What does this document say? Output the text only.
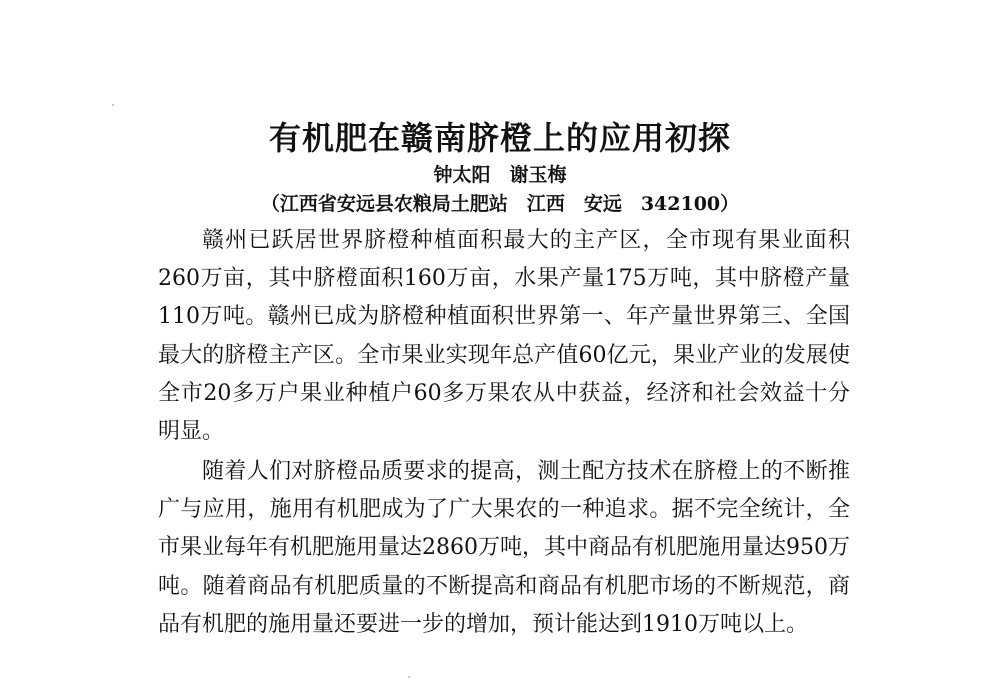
有机肥在赣南脐橙上的应用初探
钟太阳　谢玉梅
（江西省安远县农粮局土肥站　江西　安远　342100）

赣州已跃居世界脐橙种植面积最大的主产区，全市现有果业面积260万亩，其中脐橙面积160万亩，水果产量175万吨，其中脐橙产量110万吨。赣州已成为脐橙种植面积世界第一、年产量世界第三、全国最大的脐橙主产区。全市果业实现年总产值60亿元，果业产业的发展使全市20多万户果业种植户60多万果农从中获益，经济和社会效益十分明显。

随着人们对脐橙品质要求的提高，测土配方技术在脐橙上的不断推广与应用，施用有机肥成为了广大果农的一种追求。据不完全统计，全市果业每年有机肥施用量达2860万吨，其中商品有机肥施用量达950万吨。随着商品有机肥质量的不断提高和商品有机肥市场的不断规范，商品有机肥的施用量还要进一步的增加，预计能达到1910万吨以上。
